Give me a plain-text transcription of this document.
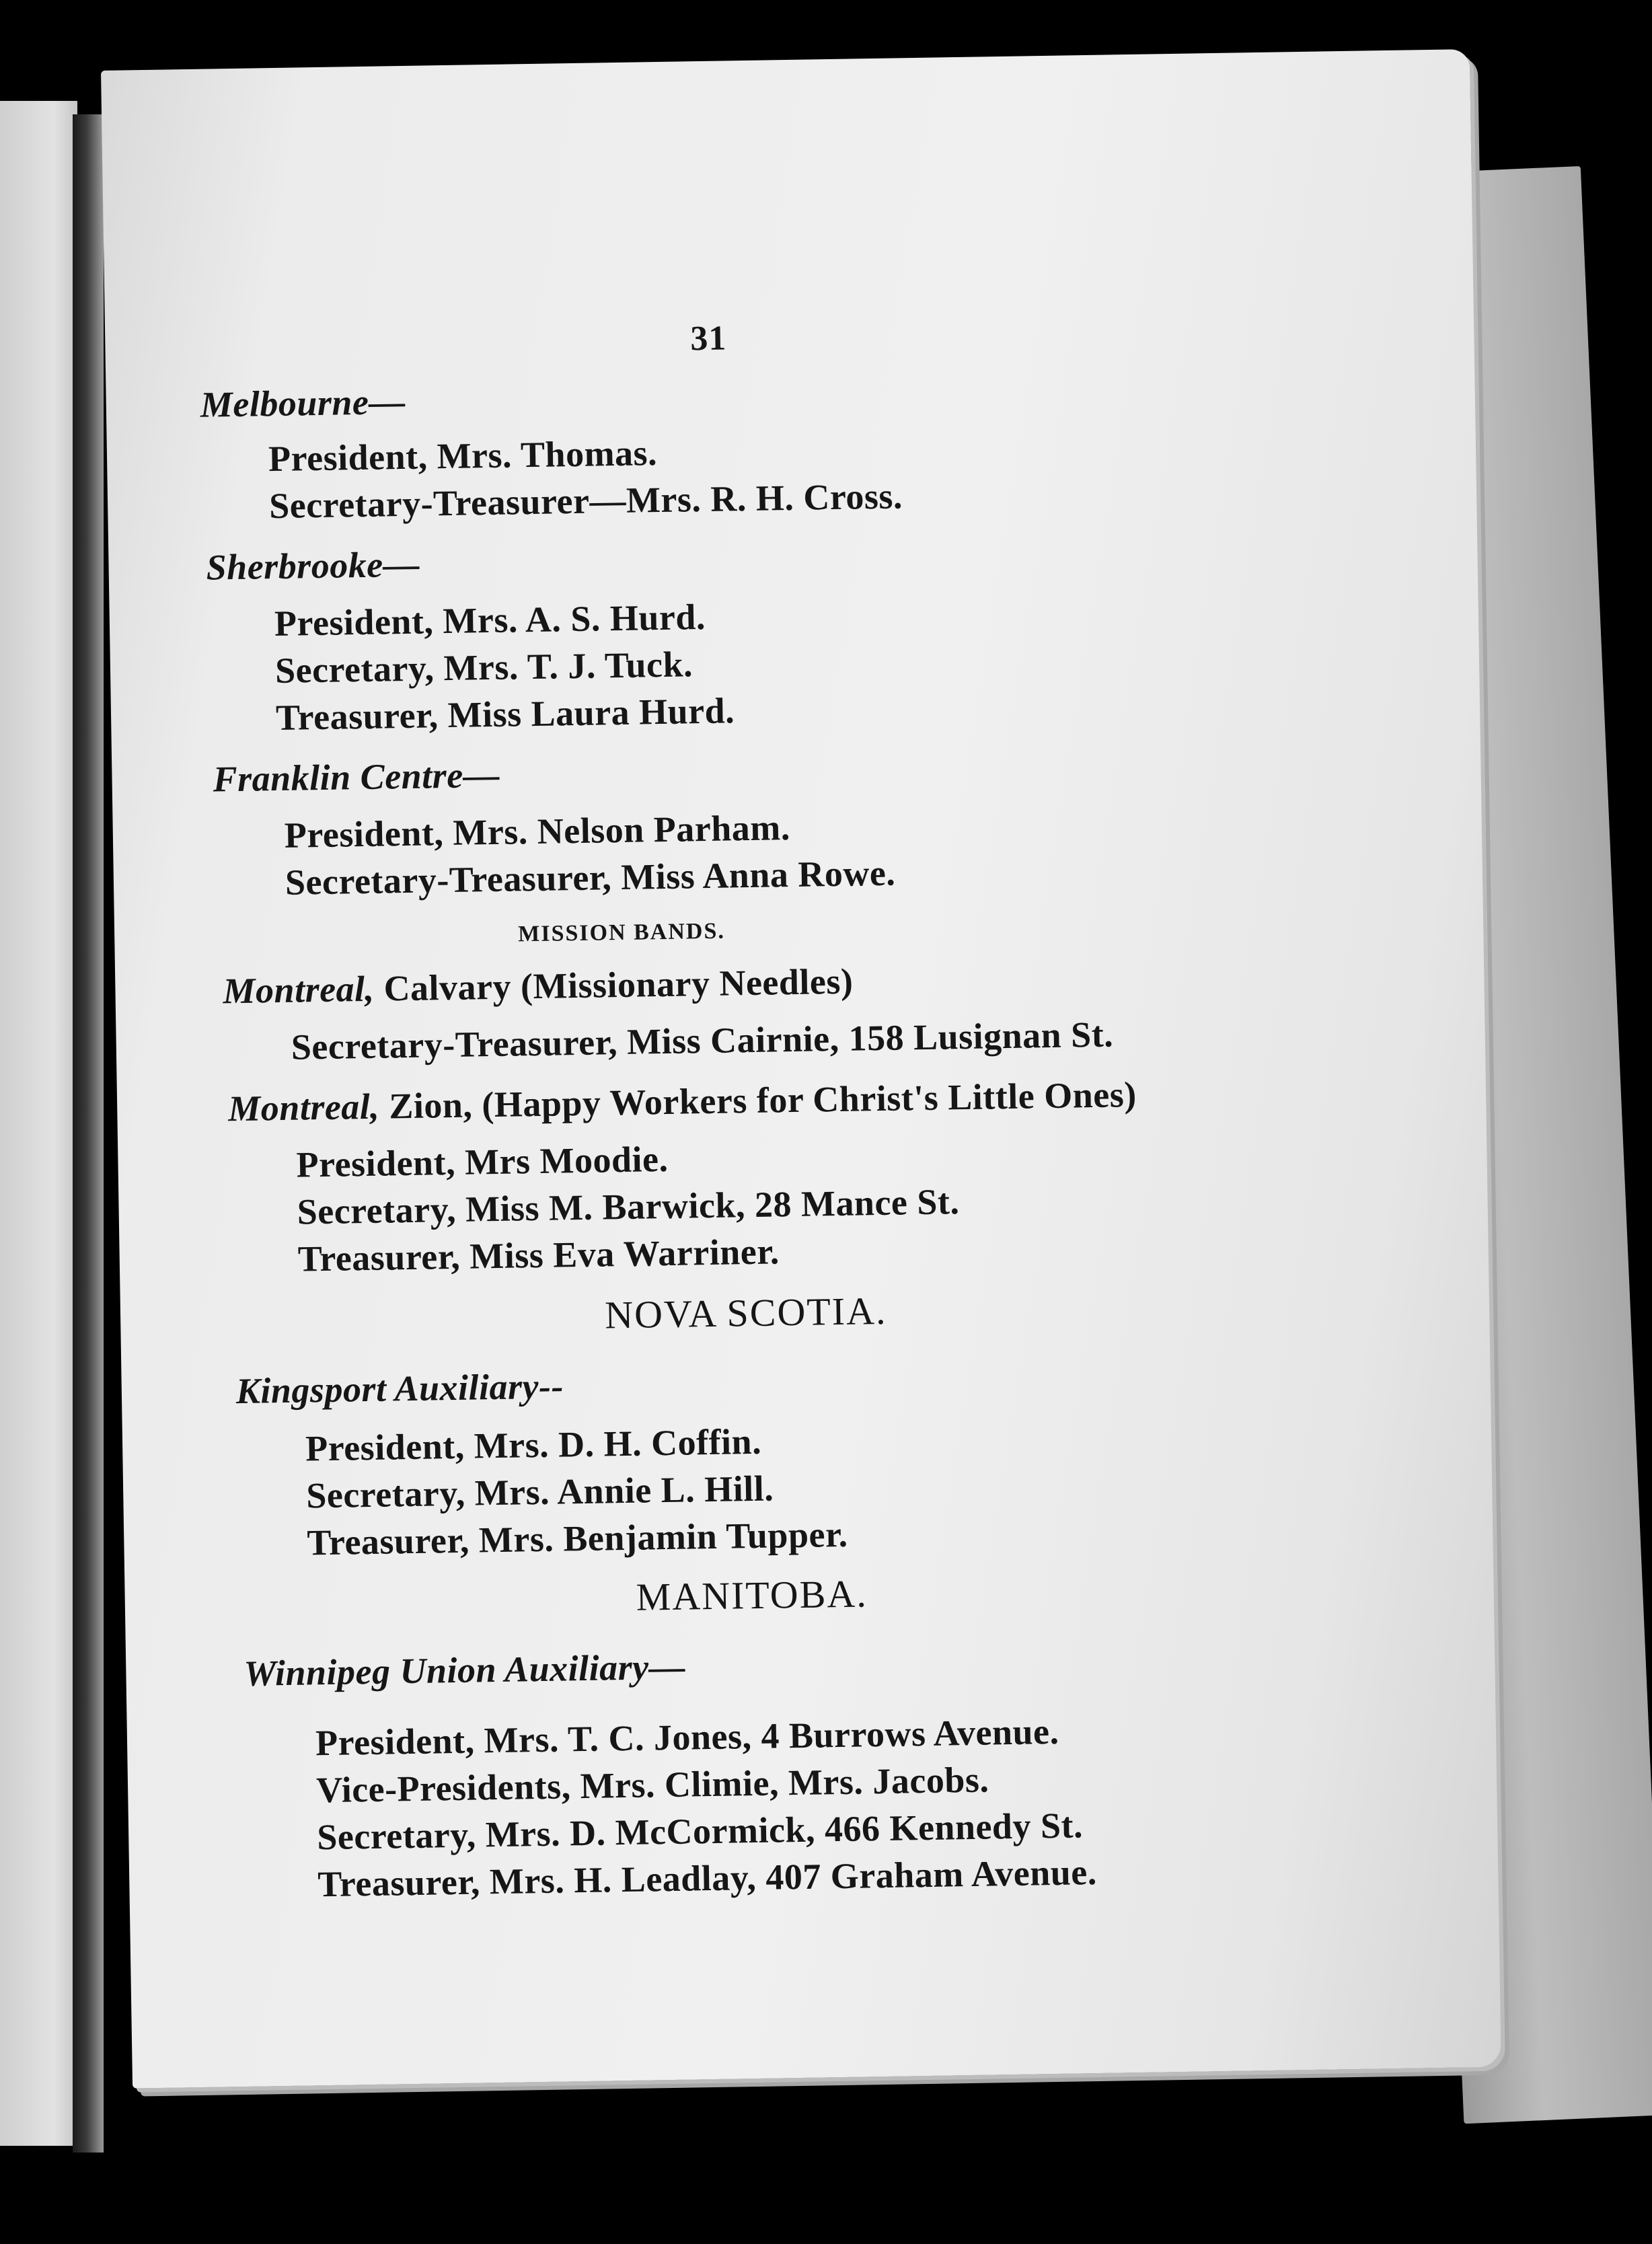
31
Melbourne—
President, Mrs. Thomas.
Secretary-Treasurer—Mrs. R. H. Cross.
Sherbrooke—
President, Mrs. A. S. Hurd.
Secretary, Mrs. T. J. Tuck.
Treasurer, Miss Laura Hurd.
Franklin Centre—
President, Mrs. Nelson Parham.
Secretary-Treasurer, Miss Anna Rowe.
MISSION BANDS.
Montreal, Calvary (Missionary Needles)
Secretary-Treasurer, Miss Cairnie, 158 Lusignan St.
Montreal, Zion, (Happy Workers for Christ's Little Ones)
President, Mrs Moodie.
Secretary, Miss M. Barwick, 28 Mance St.
Treasurer, Miss Eva Warriner.
NOVA SCOTIA.
Kingsport Auxiliary--
President, Mrs. D. H. Coffin.
Secretary, Mrs. Annie L. Hill.
Treasurer, Mrs. Benjamin Tupper.
MANITOBA.
Winnipeg Union Auxiliary—
President, Mrs. T. C. Jones, 4 Burrows Avenue.
Vice-Presidents, Mrs. Climie, Mrs. Jacobs.
Secretary, Mrs. D. McCormick, 466 Kennedy St.
Treasurer, Mrs. H. Leadlay, 407 Graham Avenue.
